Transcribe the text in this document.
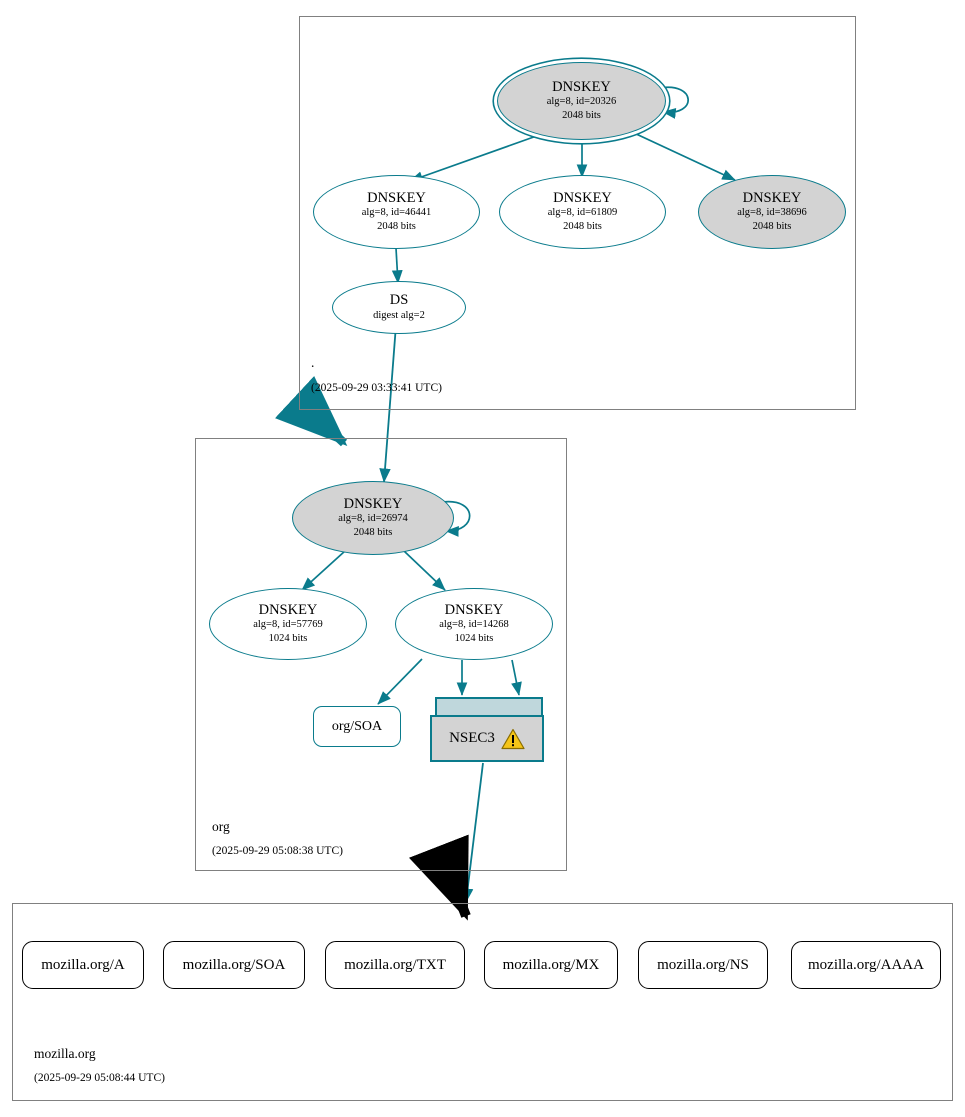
.
(2025-09-29 03:33:41 UTC)
DNSKEY
alg=8, id=20326
2048 bits
DNSKEY
alg=8, id=46441
2048 bits
DNSKEY
alg=8, id=61809
2048 bits
DNSKEY
alg=8, id=38696
2048 bits
DS
digest alg=2
org
(2025-09-29 05:08:38 UTC)
DNSKEY
alg=8, id=26974
2048 bits
DNSKEY
alg=8, id=57769
1024 bits
DNSKEY
alg=8, id=14268
1024 bits
org/SOA
NSEC3
mozilla.org
(2025-09-29 05:08:44 UTC)
mozilla.org/A	mozilla.org/SOA	mozilla.org/TXT	mozilla.org/MX	mozilla.org/NS	mozilla.org/AAAA
